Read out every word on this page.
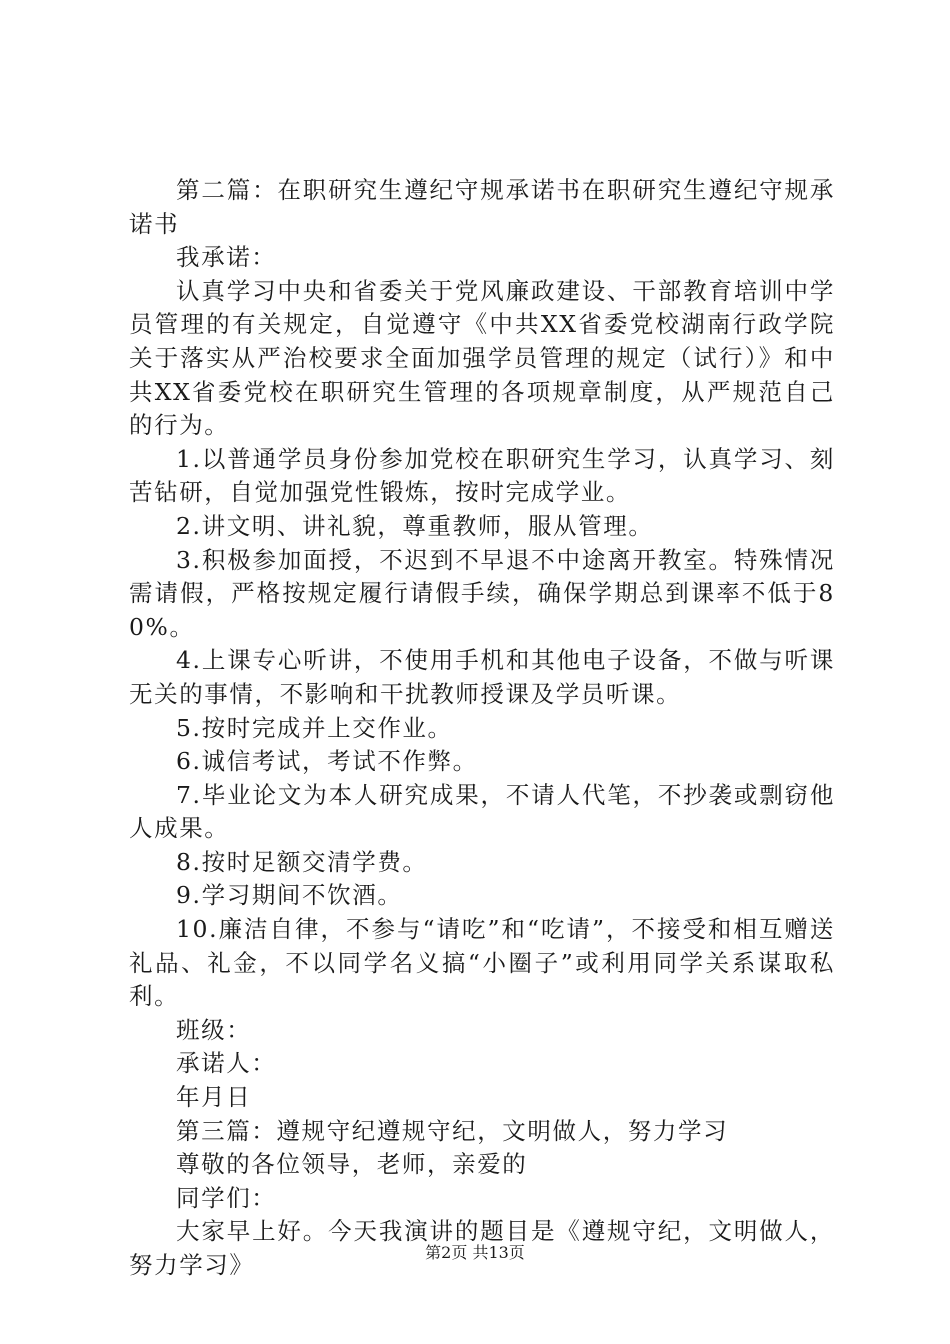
第二篇：在职研究生遵纪守规承诺书在职研究生遵纪守规承诺书

我承诺：

认真学习中央和省委关于党风廉政建设、干部教育培训中学员管理的有关规定，自觉遵守《中共XX省委党校湖南行政学院关于落实从严治校要求全面加强学员管理的规定（试行）》和中共XX省委党校在职研究生管理的各项规章制度，从严规范自己的行为。

1.以普通学员身份参加党校在职研究生学习，认真学习、刻苦钻研，自觉加强党性锻炼，按时完成学业。

2.讲文明、讲礼貌，尊重教师，服从管理。

3.积极参加面授，不迟到不早退不中途离开教室。特殊情况需请假，严格按规定履行请假手续，确保学期总到课率不低于80%。

4.上课专心听讲，不使用手机和其他电子设备，不做与听课无关的事情，不影响和干扰教师授课及学员听课。

5.按时完成并上交作业。

6.诚信考试，考试不作弊。

7.毕业论文为本人研究成果，不请人代笔，不抄袭或剽窃他人成果。

8.按时足额交清学费。

9.学习期间不饮酒。

10.廉洁自律，不参与“请吃”和“吃请”，不接受和相互赠送礼品、礼金，不以同学名义搞“小圈子”或利用同学关系谋取私利。

班级：

承诺人：

年月日

第三篇：遵规守纪遵规守纪，文明做人，努力学习

尊敬的各位领导，老师，亲爱的

同学们：

大家早上好。今天我演讲的题目是《遵规守纪，文明做人，努力学习》	第2页 共13页
